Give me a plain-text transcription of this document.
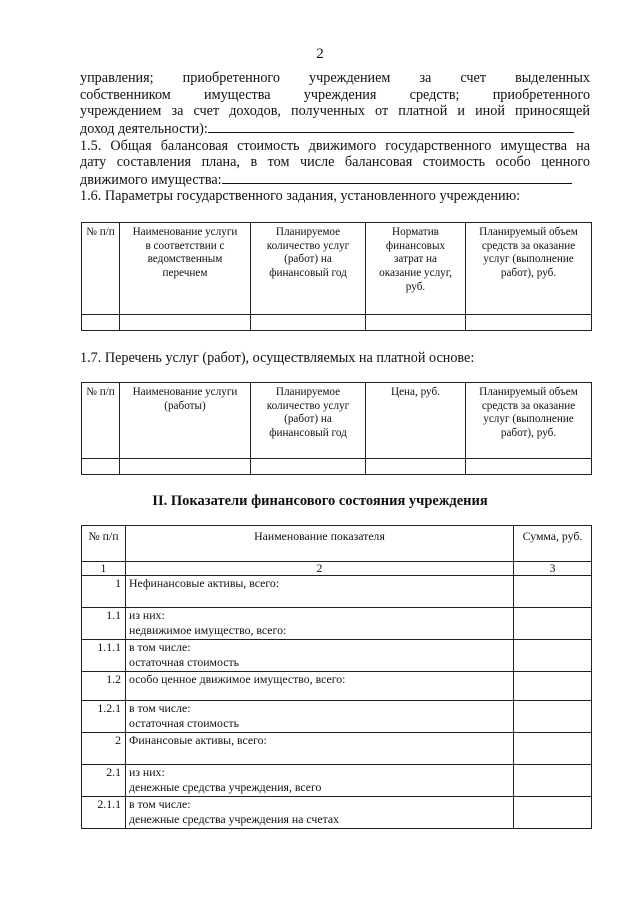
2
управления; приобретенного учреждением за счет выделенных
собственником имущества учреждения средств; приобретенного
учреждением за счет доходов, полученных от платной и иной приносящей
доход деятельности):
1.5. Общая балансовая стоимость движимого государственного имущества на
дату составления плана, в том числе балансовая стоимость особо ценного
движимого имущества:
1.6. Параметры государственного задания, установленного учреждению:
№ п/п	Наименование услуги в соответствии с ведомственным перечнем	Планируемое количество услуг (работ) на финансовый год	Норматив финансовых затрат на оказание услуг, руб.	Планируемый объем средств за оказание услуг (выполнение работ), руб.

1.7. Перечень услуг (работ), осуществляемых на платной основе:
№ п/п	Наименование услуги (работы)	Планируемое количество услуг (работ) на финансовый год	Цена, руб.	Планируемый объем средств за оказание услуг (выполнение работ), руб.

II. Показатели финансового состояния учреждения
№ п/п	Наименование показателя	Сумма, руб.
1	2	3
1	Нефинансовые активы, всего:	

1.1	из них:
недвижимое имущество, всего:	

1.1.1	в том числе:
остаточная стоимость	

1.2	особо ценное движимое имущество, всего:	

1.2.1	в том числе:
остаточная стоимость	

2	Финансовые активы, всего:	

2.1	из них:
денежные средства учреждения, всего	

2.1.1	в том числе:
денежные средства учреждения на счетах	
